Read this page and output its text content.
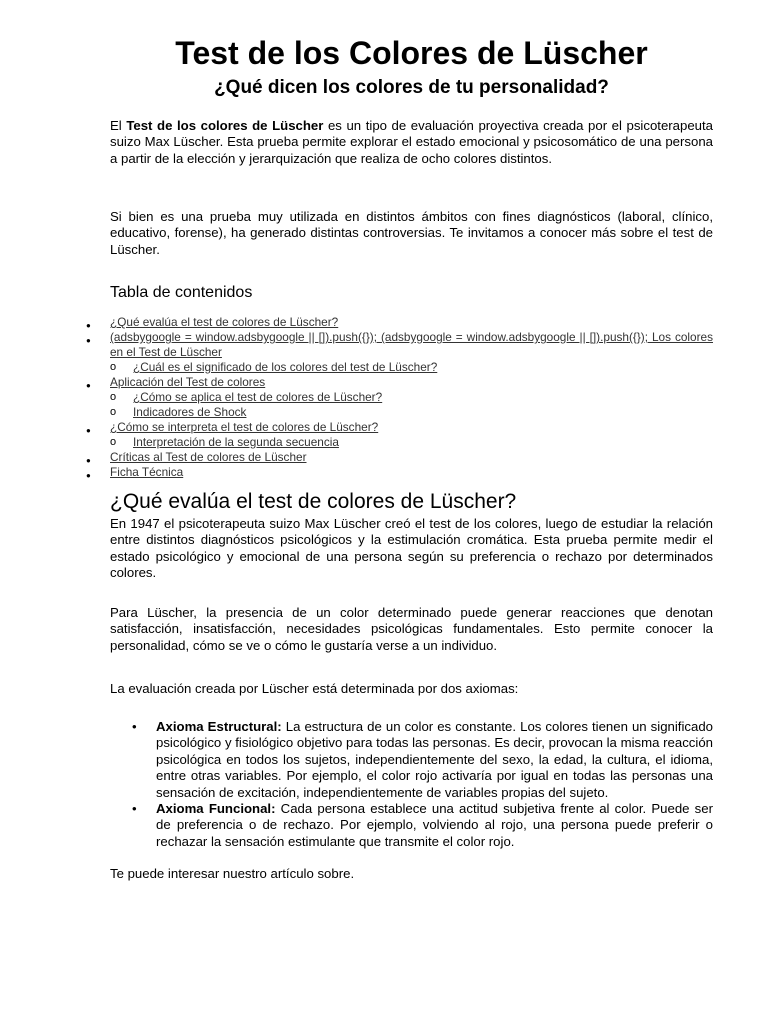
Test de los Colores de Lüscher

¿Qué dicen los colores de tu personalidad?

El Test de los colores de Lüscher es un tipo de evaluación proyectiva creada por el psicoterapeuta suizo Max Lüscher. Esta prueba permite explorar el estado emocional y psicosomático de una persona a partir de la elección y jerarquización que realiza de ocho colores distintos.

Si bien es una prueba muy utilizada en distintos ámbitos con fines diagnósticos (laboral, clínico, educativo, forense), ha generado distintas controversias. Te invitamos a conocer más sobre el test de Lüscher.

Tabla de contenidos

● ¿Qué evalúa el test de colores de Lüscher?
● (adsbygoogle = window.adsbygoogle || []).push({}); (adsbygoogle = window.adsbygoogle || []).push({}); Los colores en el Test de Lüscher
o ¿Cuál es el significado de los colores del test de Lüscher?
● Aplicación del Test de colores
o ¿Cómo se aplica el test de colores de Lüscher?
o Indicadores de Shock
● ¿Cómo se interpreta el test de colores de Lüscher?
o Interpretación de la segunda secuencia
● Críticas al Test de colores de Lüscher
● Ficha Técnica
¿Qué evalúa el test de colores de Lüscher?

En 1947 el psicoterapeuta suizo Max Lüscher creó el test de los colores, luego de estudiar la relación entre distintos diagnósticos psicológicos y la estimulación cromática. Esta prueba permite medir el estado psicológico y emocional de una persona según su preferencia o rechazo por determinados colores.

Para Lüscher, la presencia de un color determinado puede generar reacciones que denotan satisfacción, insatisfacción, necesidades psicológicas fundamentales. Esto permite conocer la personalidad, cómo se ve o cómo le gustaría verse a un individuo.

La evaluación creada por Lüscher está determinada por dos axiomas:

• Axioma Estructural: La estructura de un color es constante. Los colores tienen un significado psicológico y fisiológico objetivo para todas las personas. Es decir, provocan la misma reacción psicológica en todos los sujetos, independientemente del sexo, la edad, la cultura, el idioma, entre otras variables. Por ejemplo, el color rojo activaría por igual en todas las personas una sensación de excitación, independientemente de variables propias del sujeto.
• Axioma Funcional: Cada persona establece una actitud subjetiva frente al color. Puede ser de preferencia o de rechazo. Por ejemplo, volviendo al rojo, una persona puede preferir o rechazar la sensación estimulante que transmite el color rojo.

Te puede interesar nuestro artículo sobre.
